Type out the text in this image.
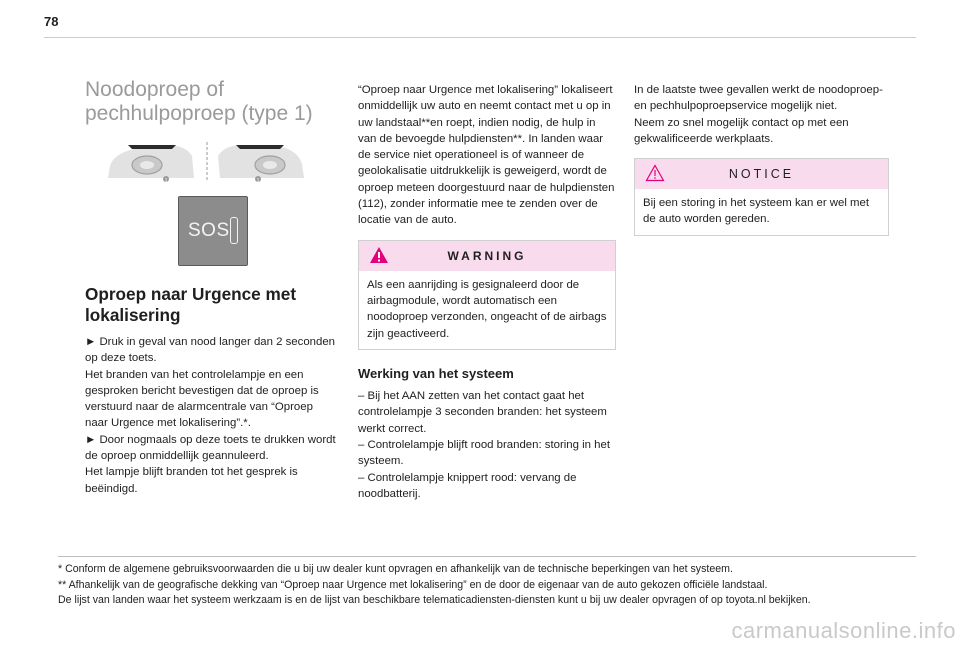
78
Noodoproep of
pechhulpoproep (type 1)
1	1
SOS
Oproep naar Urgence met
lokalisering

► Druk in geval van nood langer dan 2 seconden op deze toets.

Het branden van het controlelampje en een gesproken bericht bevestigen dat de oproep is verstuurd naar de alarmcentrale van “Oproep naar Urgence met lokalisering”.*.

► Door nogmaals op deze toets te drukken wordt de oproep onmiddellijk geannuleerd.

Het lampje blijft branden tot het gesprek is beëindigd.

“Oproep naar Urgence met lokalisering” lokaliseert onmiddellijk uw auto en neemt contact met u op in uw landstaal**en roept, indien nodig, de hulp in van de bevoegde hulpdiensten**. In landen waar de service niet operationeel is of wanneer de geolokalisatie uitdrukkelijk is geweigerd, wordt de oproep meteen doorgestuurd naar de hulpdiensten (112), zonder informatie mee te zenden over de locatie van de auto.

WARNING

Als een aanrijding is gesignaleerd door de airbagmodule, wordt automatisch een noodoproep verzonden, ongeacht of de airbags zijn geactiveerd.

Werking van het systeem

– Bij het AAN zetten van het contact gaat het controlelampje 3 seconden branden: het systeem werkt correct.

– Controlelampje blijft rood branden: storing in het systeem.

– Controlelampje knippert rood: vervang de noodbatterij.

In de laatste twee gevallen werkt de noodoproep- en pechhulpoproepservice mogelijk niet.

Neem zo snel mogelijk contact op met een gekwalificeerde werkplaats.

NOTICE

Bij een storing in het systeem kan er wel met de auto worden gereden.

* Conform de algemene gebruiksvoorwaarden die u bij uw dealer kunt opvragen en afhankelijk van de technische beperkingen van het systeem.

** Afhankelijk van de geografische dekking van “Oproep naar Urgence met lokalisering” en de door de eigenaar van de auto gekozen officiële landstaal.

De lijst van landen waar het systeem werkzaam is en de lijst van beschikbare telematicadiensten-diensten kunt u bij uw dealer opvragen of op toyota.nl bekijken.

carmanualsonline.info
